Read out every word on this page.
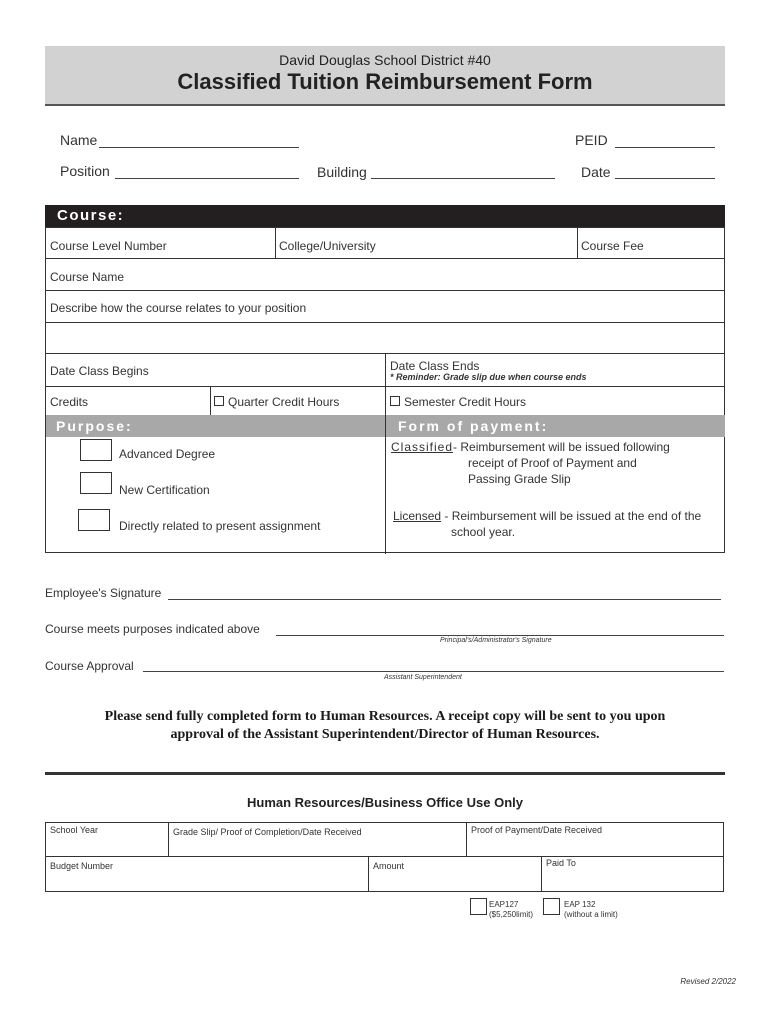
David Douglas School District #40
Classified Tuition Reimbursement Form
Name	PEID
Position	Building	Date
Course:
Course Level Number	College/University	Course Fee
Course Name
Describe how the course relates to your position
Date Class Begins	Date Class Ends
* Reminder: Grade slip due when course ends
Credits	Quarter Credit Hours	Semester Credit Hours
Purpose:	Form of payment:
Advanced Degree
New Certification
Directly related to present assignment
Classified- Reimbursement will be issued following
receipt of Proof of Payment and
Passing Grade Slip
Licensed - Reimbursement will be issued at the end of the
school year.
Employee's Signature
Course meets purposes indicated above
Principal's/Administrator's Signature
Course Approval
Assistant Superintendent
Please send fully completed form to Human Resources. A receipt copy will be sent to you upon
approval of the Assistant Superintendent/Director of Human Resources.
Human Resources/Business Office Use Only
School Year	Grade Slip/ Proof of Completion/Date Received	Proof of Payment/Date Received
Budget Number	Amount	Paid To
EAP127
($5,250limit)
EAP 132
(without a limit)
Revised 2/2022
